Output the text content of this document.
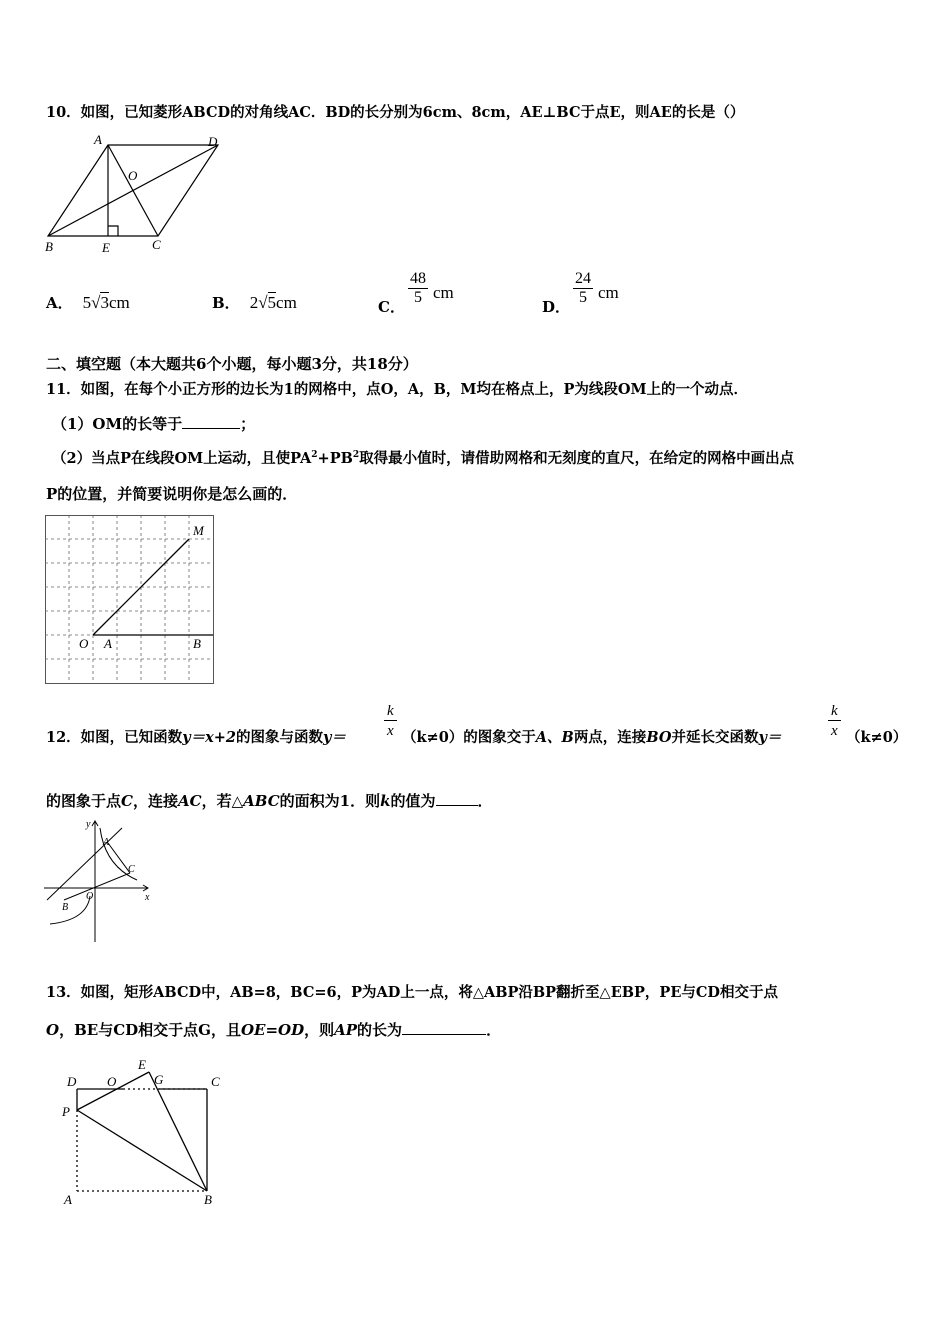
10．如图，已知菱形ABCD的对角线AC．BD的长分别为6cm、8cm，AE⊥BC于点E，则AE的长是（）
A	D
O
B	E	C
A． 5√3cm	B． 2√5cm	C． $\frac{48}{5}$ cm
D． $\frac{24}{5}$ cm
二、填空题（本大题共6个小题，每小题3分，共18分）
11．如图，在每个小正方形的边长为1的网格中，点O，A，B，M均在格点上，P为线段OM上的一个动点．
（1）OM的长等于	；
（2）当点P在线段OM上运动，且使$PA^2+PB^2$取得最小值时，请借助网格和无刻度的直尺，在给定的网格中画出点
P的位置，并简要说明你是怎么画的．
O A	B
M
12．如图，已知函数y＝x+2的图象与函数y＝	$\frac{k}{x} (k\ne 0)$的图象交于A、B两点，连接BO并延长交函数y＝	$\frac{k}{x} (k\ne 0)$
的图象于点C，连接AC，若△ABC的面积为1．则k的值为	．
y
x
O
A
B
C
13．如图，矩形ABCD中，AB=8，BC=6，P为AD上一点，将△ABP沿BP翻折至△EBP，PE与CD相交于点
O，BE与CD相交于点G，且OE=OD，则AP的长为	．
D O
E
G	C
P
A	B
